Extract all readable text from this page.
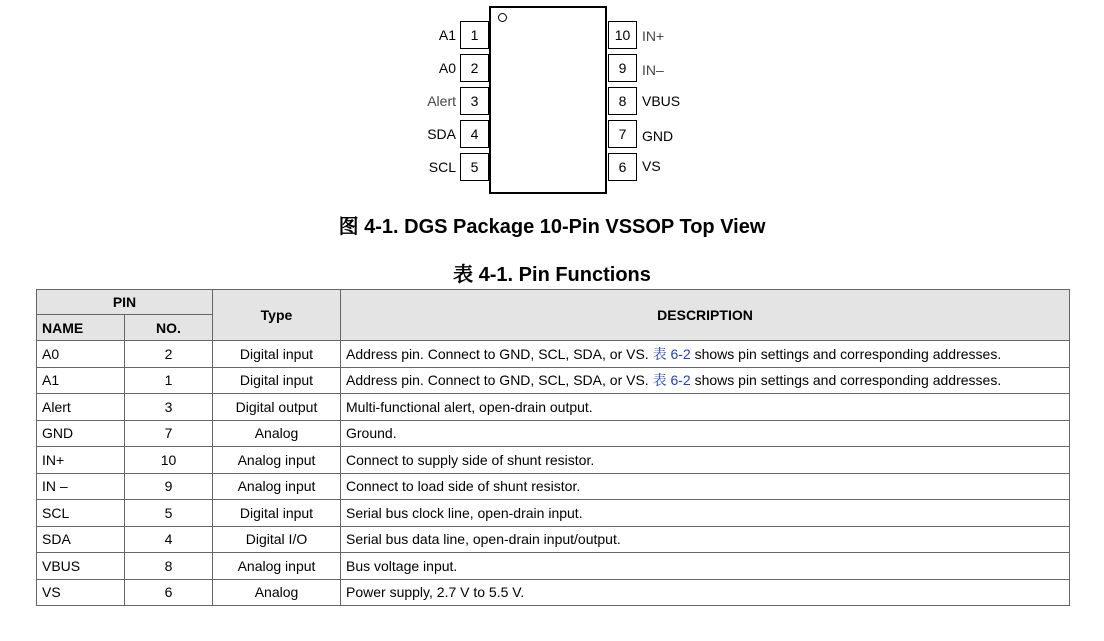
1
A1
2
A0
3
Alert
4
SDA
5
SCL
10 IN+
9	IN–
8	VBUS
7	GND
6	VS
图 4-1. DGS Package 10-Pin VSSOP Top View
表 4-1. Pin Functions
PIN		Type	DESCRIPTION
NAME	NO.		
A0	2	Digital input	Address pin. Connect to GND, SCL, SDA, or VS. 表 6-2 shows pin settings and corresponding addresses.
A1	1	Digital input	Address pin. Connect to GND, SCL, SDA, or VS. 表 6-2 shows pin settings and corresponding addresses.
Alert	3	Digital output	Multi-functional alert, open-drain output.
GND	7	Analog	Ground.
IN+	10	Analog input	Connect to supply side of shunt resistor.
IN –	9	Analog input	Connect to load side of shunt resistor.
SCL	5	Digital input	Serial bus clock line, open-drain input.
SDA	4	Digital I/O	Serial bus data line, open-drain input/output.
VBUS	8	Analog input	Bus voltage input.
VS	6	Analog	Power supply, 2.7 V to 5.5 V.
